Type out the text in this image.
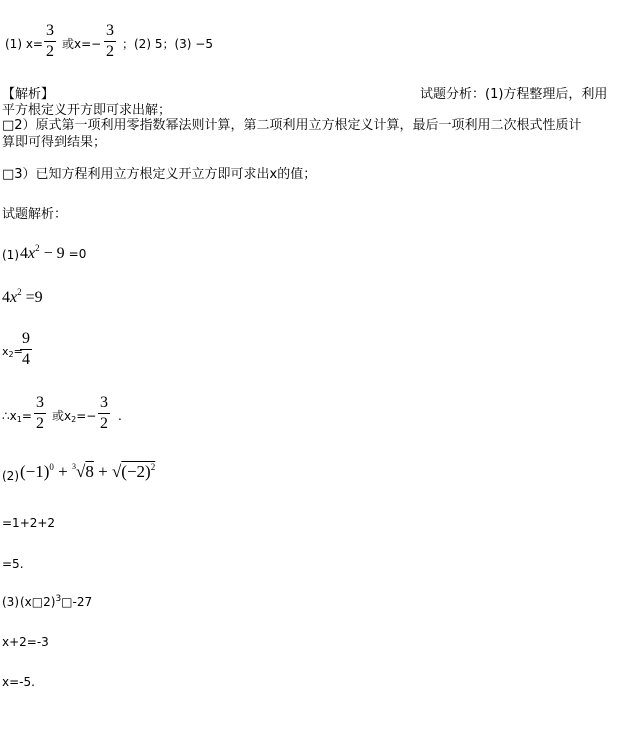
(1) x=
3
2 或x=−
3
2 ；(2) 5；(3) −5
【解析】	试题分析：(1)方程整理后，利用
平方根定义开方即可求出解；
□2）原式第一项利用零指数幂法则计算，第二项利用立方根定义计算，最后一项利用二次根式性质计
算即可得到结果；
□3）已知方程利用立方根定义开立方即可求出x的值；
试题解析：
(1) $4x^2 - 9 =0$
$4x^2 =9$
x2=
9
4
∴x1=
3
2 或x2=−
3
2 .
(2) $(-1)^0 + ^3√8 + √(-2)^2$
=1+2+2
=5.
(3) (x□2)$^3$□-27
x+2=-3
x=-5.
